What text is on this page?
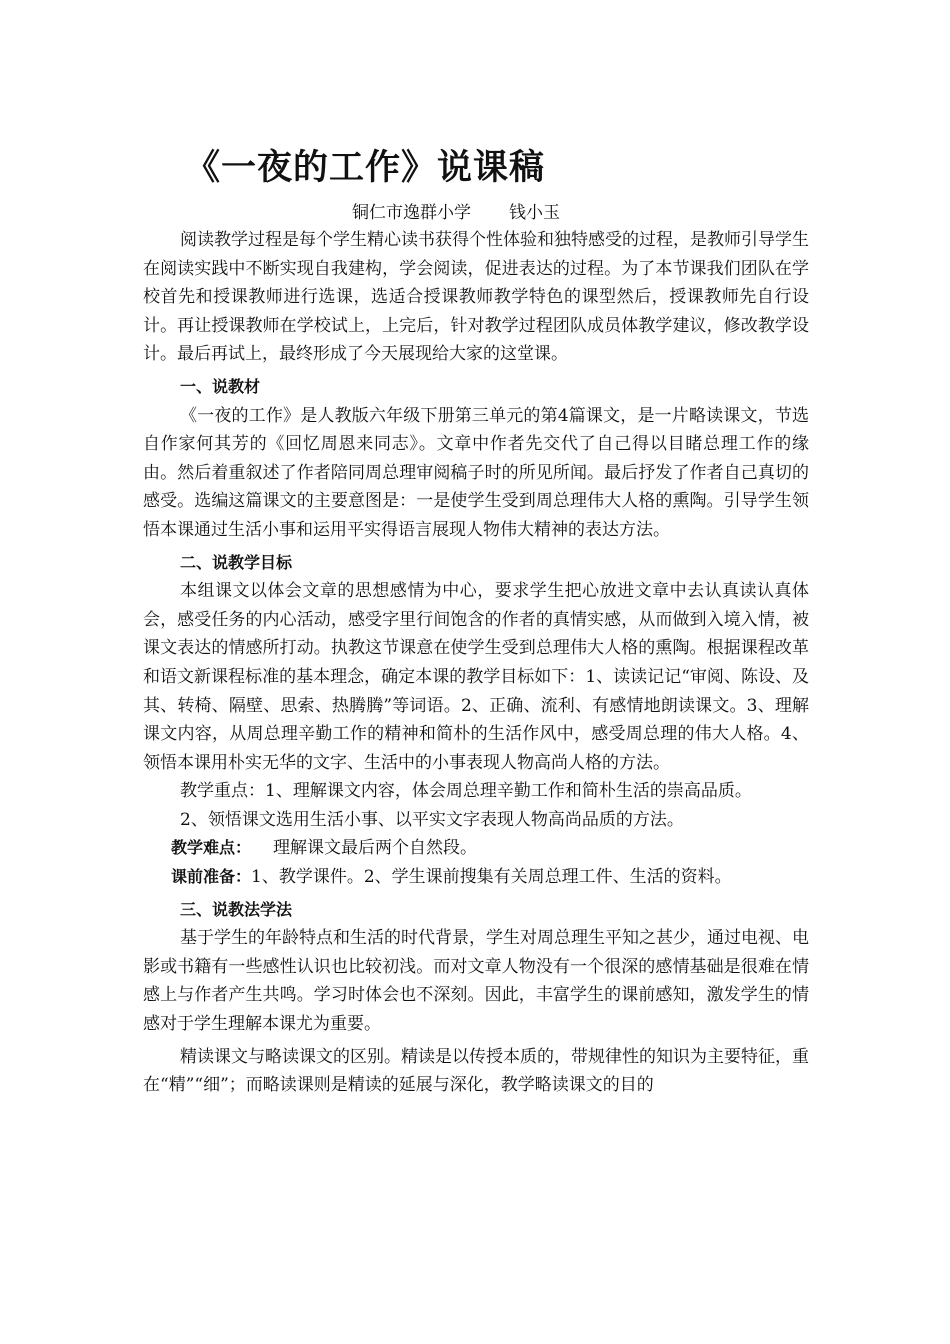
《一夜的工作》说课稿
铜仁市逸群小学 钱小玉

阅读教学过程是每个学生精心读书获得个性体验和独特感受的过程，是教师引导学生在阅读实践中不断实现自我建构，学会阅读，促进表达的过程。为了本节课我们团队在学校首先和授课教师进行选课，选适合授课教师教学特色的课型然后，授课教师先自行设计。再让授课教师在学校试上，上完后，针对教学过程团队成员体教学建议，修改教学设计。最后再试上，最终形成了今天展现给大家的这堂课。

一、说教材

《一夜的工作》是人教版六年级下册第三单元的第4篇课文，是一片略读课文，节选自作家何其芳的《回忆周恩来同志》。文章中作者先交代了自己得以目睹总理工作的缘由。然后着重叙述了作者陪同周总理审阅稿子时的所见所闻。最后抒发了作者自己真切的感受。选编这篇课文的主要意图是：一是使学生受到周总理伟大人格的熏陶。引导学生领悟本课通过生活小事和运用平实得语言展现人物伟大精神的表达方法。

二、说教学目标

本组课文以体会文章的思想感情为中心，要求学生把心放进文章中去认真读认真体会，感受任务的内心活动，感受字里行间饱含的作者的真情实感，从而做到入境入情，被课文表达的情感所打动。执教这节课意在使学生受到总理伟大人格的熏陶。根据课程改革和语文新课程标准的基本理念，确定本课的教学目标如下：1、读读记记“审阅、陈设、及其、转椅、隔壁、思索、热腾腾”等词语。2、正确、流利、有感情地朗读课文。3、理解课文内容，从周总理辛勤工作的精神和简朴的生活作风中，感受周总理的伟大人格。4、领悟本课用朴实无华的文字、生活中的小事表现人物高尚人格的方法。

教学重点：1、理解课文内容，体会周总理辛勤工作和简朴生活的崇高品质。

2、领悟课文选用生活小事、以平实文字表现人物高尚品质的方法。

教学难点： 理解课文最后两个自然段。

课前准备：1、教学课件。2、学生课前搜集有关周总理工件、生活的资料。

三、说教法学法

基于学生的年龄特点和生活的时代背景，学生对周总理生平知之甚少，通过电视、电影或书籍有一些感性认识也比较初浅。而对文章人物没有一个很深的感情基础是很难在情感上与作者产生共鸣。学习时体会也不深刻。因此，丰富学生的课前感知，激发学生的情感对于学生理解本课尤为重要。

精读课文与略读课文的区别。精读是以传授本质的，带规律性的知识为主要特征，重在“精”“细”；而略读课则是精读的延展与深化，教学略读课文的目的
